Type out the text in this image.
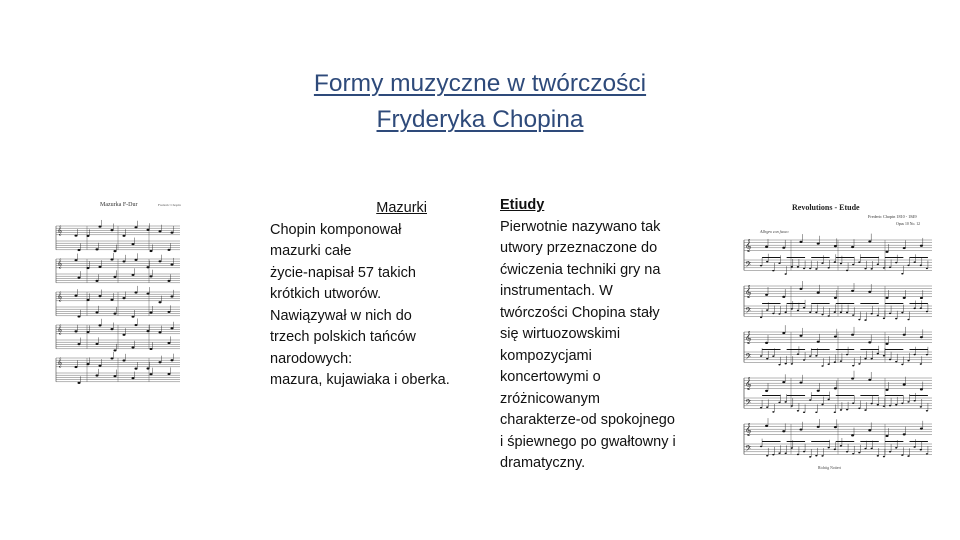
Formy muzyczne w twórczości
Fryderyka Chopina
Mazurka F-Dur	Frederic Chopin
𝄞
𝄞
𝄞
𝄞
𝄞
Mazurki
Chopin komponował
mazurki całe
życie-napisał 57 takich
krótkich utworów.
Nawiązywał w nich do
trzech polskich tańców
narodowych:
mazura, kujawiaka i oberka.
Etiudy
Pierwotnie nazywano tak
utwory przeznaczone do
ćwiczenia techniki gry na
instrumentach. W
twórczości Chopina stały
się wirtuozowskimi
kompozycjami
koncertowymi o
zróżnicowanym
charakterze-od spokojnego
i śpiewnego po gwałtowny i
dramatyczny.
Revolutions - Etude
Frederic Chopin 1810 - 1849
Opus 10 No. 12
Allegro con fuoco
Richtig Notiert
𝄞
𝄢
𝄞
𝄢
𝄞
𝄢
𝄞
𝄢
𝄞
𝄢
